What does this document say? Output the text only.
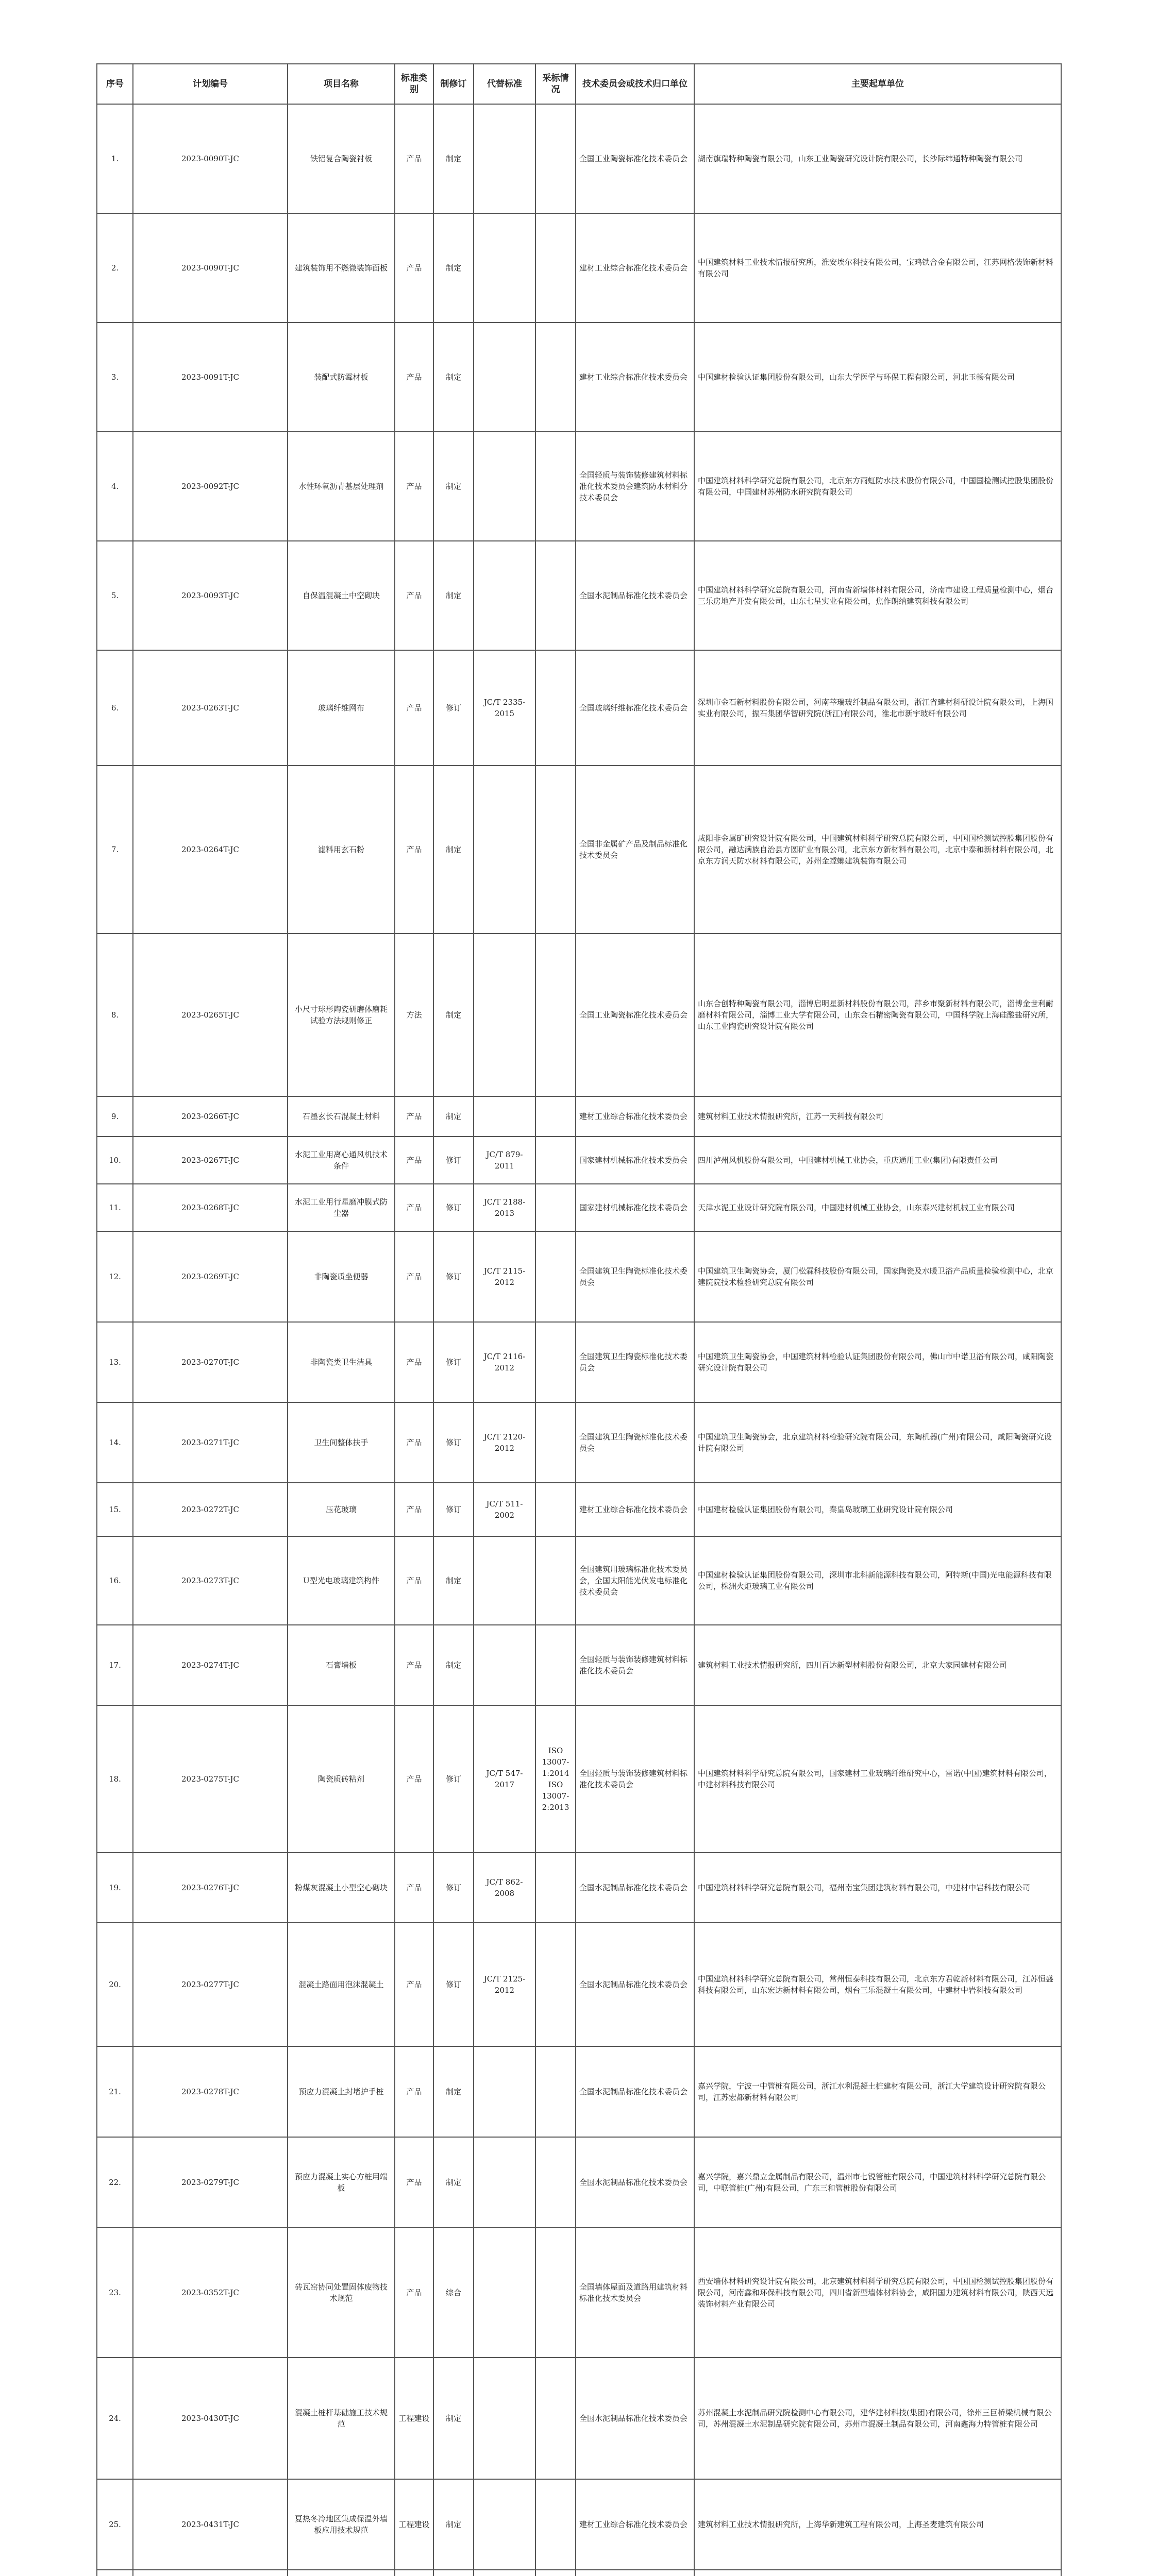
序号	计划编号	项目名称	标准类别	制修订	代替标准	采标情况	技术委员会或技术归口单位	主要起草单位
1.	2023-0090T-JC	铁铝复合陶瓷衬板	产品	制定			全国工业陶瓷标准化技术委员会	湖南旗瑞特种陶瓷有限公司，山东工业陶瓷研究设计院有限公司，长沙际纬通特种陶瓷有限公司
2.	2023-0090T-JC	建筑装饰用不燃微装饰面板	产品	制定			建材工业综合标准化技术委员会	中国建筑材料工业技术情报研究所，淮安埃尔科技有限公司，宝鸡铁合金有限公司，江苏网格装饰新材料有限公司
3.	2023-0091T-JC	装配式防霉材板	产品	制定			建材工业综合标准化技术委员会	中国建材检验认证集团股份有限公司，山东大学医学与环保工程有限公司，河北玉畅有限公司
4.	2023-0092T-JC	水性环氧沥青基层处理剂	产品	制定			全国轻质与装饰装修建筑材料标准化技术委员会建筑防水材料分技术委员会	中国建筑材料科学研究总院有限公司，北京东方雨虹防水技术股份有限公司，中国国检测试控股集团股份有限公司，中国建材苏州防水研究院有限公司
5.	2023-0093T-JC	自保温混凝土中空砌块	产品	制定			全国水泥制品标准化技术委员会	中国建筑材料科学研究总院有限公司，河南省新墙体材料有限公司，济南市建设工程质量检测中心，烟台三乐房地产开发有限公司，山东七星实业有限公司，焦作朗纳建筑科技有限公司
6.	2023-0263T-JC	玻璃纤维网布	产品	修订	JC/T 2335-2015		全国玻璃纤维标准化技术委员会	深圳市金石新材料股份有限公司，河南莘瑞玻纤制品有限公司，浙江省建材科研设计院有限公司，上海国实业有限公司，振石集团华智研究院(浙江)有限公司，淮北市新宇玻纤有限公司
7.	2023-0264T-JC	滤料用玄石粉	产品	制定			全国非金属矿产品及制品标准化技术委员会	咸阳非金属矿研究设计院有限公司，中国建筑材料科学研究总院有限公司，中国国检测试控股集团股份有限公司，融达满族自治县方圆矿业有限公司，北京东方新材料有限公司，北京中泰和新材料有限公司，北京东方润天防水材料有限公司，苏州金螳螂建筑装饰有限公司
8.	2023-0265T-JC	小尺寸球形陶瓷研磨体磨耗试验方法规则修正	方法	制定			全国工业陶瓷标准化技术委员会	山东合创特种陶瓷有限公司，淄博启明星新材料股份有限公司，萍乡市聚新材料有限公司，淄博金世利耐磨材料有限公司，淄博工业大学有限公司，山东金石精密陶瓷有限公司，中国科学院上海硅酸盐研究所，山东工业陶瓷研究设计院有限公司
9.	2023-0266T-JC	石墨玄长石混凝土材料	产品	制定			建材工业综合标准化技术委员会	建筑材料工业技术情报研究所，江苏一天科技有限公司
10.	2023-0267T-JC	水泥工业用离心通风机技术条件	产品	修订	JC/T 879-2011		国家建材机械标准化技术委员会	四川泸州风机股份有限公司，中国建材机械工业协会，重庆通用工业(集团)有限责任公司
11.	2023-0268T-JC	水泥工业用行星磨冲膜式防尘器	产品	修订	JC/T 2188-2013		国家建材机械标准化技术委员会	天津水泥工业设计研究院有限公司，中国建材机械工业协会，山东泰兴建材机械工业有限公司
12.	2023-0269T-JC	非陶瓷质坐便器	产品	修订	JC/T 2115-2012		全国建筑卫生陶瓷标准化技术委员会	中国建筑卫生陶瓷协会，厦门松霖科技股份有限公司，国家陶瓷及水暖卫浴产品质量检验检测中心，北京建院院技术检验研究总院有限公司
13.	2023-0270T-JC	非陶瓷类卫生洁具	产品	修订	JC/T 2116-2012		全国建筑卫生陶瓷标准化技术委员会	中国建筑卫生陶瓷协会，中国建筑材料检验认证集团股份有限公司，佛山市中诺卫浴有限公司，咸阳陶瓷研究设计院有限公司
14.	2023-0271T-JC	卫生间整体扶手	产品	修订	JC/T 2120-2012		全国建筑卫生陶瓷标准化技术委员会	中国建筑卫生陶瓷协会，北京建筑材料检验研究院有限公司，东陶机器(广州)有限公司，咸阳陶瓷研究设计院有限公司
15.	2023-0272T-JC	压花玻璃	产品	修订	JC/T 511-2002		建材工业综合标准化技术委员会	中国建材检验认证集团股份有限公司，秦皇岛玻璃工业研究设计院有限公司
16.	2023-0273T-JC	U型光电玻璃建筑构件	产品	制定			全国建筑用玻璃标准化技术委员会，全国太阳能光伏发电标准化技术委员会	中国建材检验认证集团股份有限公司，深圳市北科新能源科技有限公司，阿特斯(中国)光电能源科技有限公司，株洲火炬玻璃工业有限公司
17.	2023-0274T-JC	石膏墙板	产品	制定			全国轻质与装饰装修建筑材料标准化技术委员会	建筑材料工业技术情报研究所，四川百达新型材料股份有限公司，北京大家园建材有限公司
18.	2023-0275T-JC	陶瓷质砖粘剂	产品	修订	JC/T 547-2017	ISO 13007-1:2014 ISO 13007-2:2013	全国轻质与装饰装修建筑材料标准化技术委员会	中国建筑材料科学研究总院有限公司，国家建材工业玻璃纤维研究中心，雷诺(中国)建筑材料有限公司，中建材料科技有限公司
19.	2023-0276T-JC	粉煤灰混凝土小型空心砌块	产品	修订	JC/T 862-2008		全国水泥制品标准化技术委员会	中国建筑材料科学研究总院有限公司，福州南宝集团建筑材料有限公司，中建材中岩科技有限公司
20.	2023-0277T-JC	混凝土路面用泡沫混凝土	产品	修订	JC/T 2125-2012		全国水泥制品标准化技术委员会	中国建筑材料科学研究总院有限公司，常州恒泰科技有限公司，北京东方君乾新材料有限公司，江苏恒盛科技有限公司，山东宏达新材料有限公司，烟台三乐混凝土有限公司，中建材中岩科技有限公司
21.	2023-0278T-JC	预应力混凝土封堵护手桩	产品	制定			全国水泥制品标准化技术委员会	嘉兴学院，宁波一中管桩有限公司，浙江水利混凝土桩建材有限公司，浙江大学建筑设计研究院有限公司，江苏宏都新材料有限公司
22.	2023-0279T-JC	预应力混凝土实心方桩用端板	产品	制定			全国水泥制品标准化技术委员会	嘉兴学院，嘉兴鼎立金属制品有限公司，温州市七锐管桩有限公司，中国建筑材料科学研究总院有限公司，中联管桩(广州)有限公司，广东三和管桩股份有限公司
23.	2023-0352T-JC	砖瓦窑协同处置固体废物技术规范	产品	综合			全国墙体屋面及道路用建筑材料标准化技术委员会	西安墙体材料研究设计院有限公司，北京建筑材料科学研究总院有限公司，中国国检测试控股集团股份有限公司，河南鑫和环保科技有限公司，四川省新型墙体材料协会，咸阳国力建筑材料有限公司，陕西天远装饰材料产业有限公司
24.	2023-0430T-JC	混凝土桩杆基础施工技术规范	工程建设	制定			全国水泥制品标准化技术委员会	苏州混凝土水泥制品研究院检测中心有限公司，建华建材科技(集团)有限公司，徐州三巨桥梁机械有限公司，苏州混凝土水泥制品研究院有限公司，苏州市混凝土制品有限公司，河南鑫海力特管桩有限公司
25.	2023-0431T-JC	夏热冬冷地区集成保温外墙板应用技术规范	工程建设	制定			建材工业综合标准化技术委员会	建筑材料工业技术情报研究所，上海华新建筑工程有限公司，上海圣麦建筑有限公司
